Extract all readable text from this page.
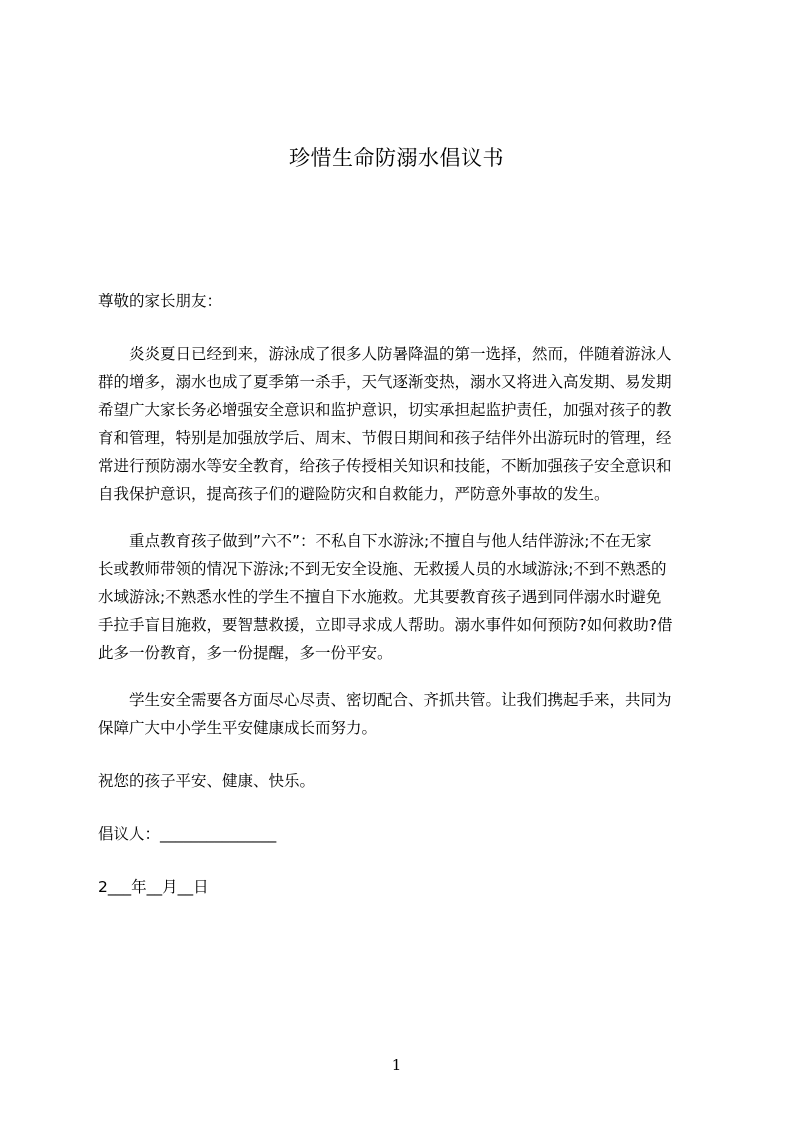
珍惜生命防溺水倡议书
尊敬的家长朋友：
　　炎炎夏日已经到来，游泳成了很多人防暑降温的第一选择，然而，伴随着游泳人
群的增多，溺水也成了夏季第一杀手，天气逐渐变热，溺水又将进入高发期、易发期
希望广大家长务必增强安全意识和监护意识，切实承担起监护责任，加强对孩子的教
育和管理，特别是加强放学后、周末、节假日期间和孩子结伴外出游玩时的管理，经
常进行预防溺水等安全教育，给孩子传授相关知识和技能，不断加强孩子安全意识和
自我保护意识，提高孩子们的避险防灾和自救能力，严防意外事故的发生。
　　重点教育孩子做到”六不”：不私自下水游泳;不擅自与他人结伴游泳;不在无家
长或教师带领的情况下游泳;不到无安全设施、无救援人员的水域游泳;不到不熟悉的
水域游泳;不熟悉水性的学生不擅自下水施救。尤其要教育孩子遇到同伴溺水时避免
手拉手盲目施救，要智慧救援，立即寻求成人帮助。溺水事件如何预防?如何救助?借
此多一份教育，多一份提醒，多一份平安。
　　学生安全需要各方面尽心尽责、密切配合、齐抓共管。让我们携起手来，共同为
保障广大中小学生平安健康成长而努力。
祝您的孩子平安、健康、快乐。
倡议人：_______________
2___年__月__日
1
